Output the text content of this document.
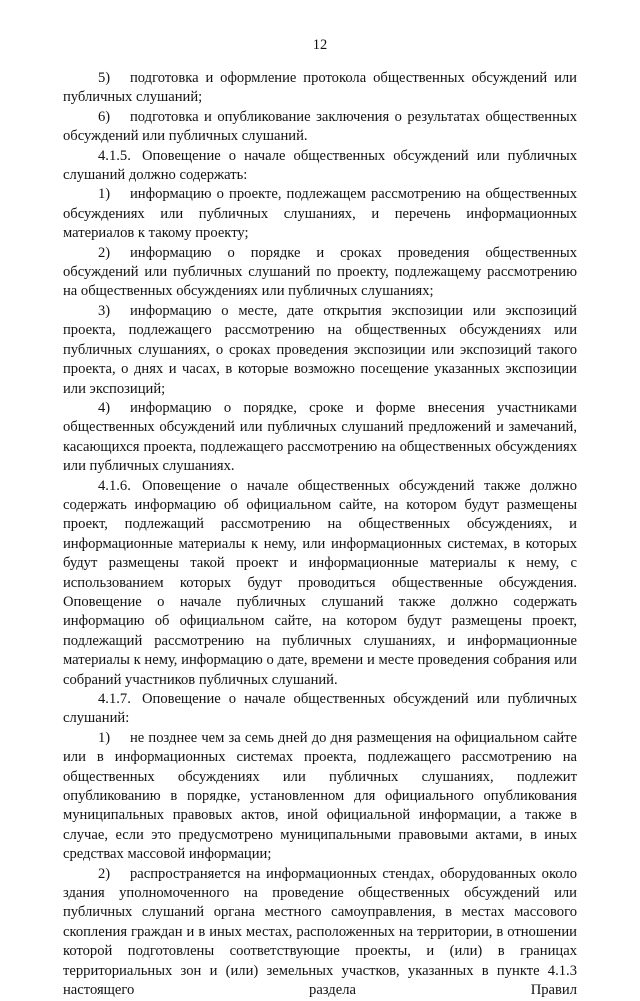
12

5) подготовка и оформление протокола общественных обсуждений или публичных слушаний;

6) подготовка и опубликование заключения о результатах общественных обсуждений или публичных слушаний.

4.1.5. Оповещение о начале общественных обсуждений или публичных слушаний должно содержать:

1) информацию о проекте, подлежащем рассмотрению на общественных обсуждениях или публичных слушаниях, и перечень информационных материалов к такому проекту;

2) информацию о порядке и сроках проведения общественных обсуждений или публичных слушаний по проекту, подлежащему рассмотрению на общественных обсуждениях или публичных слушаниях;

3) информацию о месте, дате открытия экспозиции или экспозиций проекта, подлежащего рассмотрению на общественных обсуждениях или публичных слушаниях, о сроках проведения экспозиции или экспозиций такого проекта, о днях и часах, в которые возможно посещение указанных экспозиции или экспозиций;

4) информацию о порядке, сроке и форме внесения участниками общественных обсуждений или публичных слушаний предложений и замечаний, касающихся проекта, подлежащего рассмотрению на общественных обсуждениях или публичных слушаниях.

4.1.6. Оповещение о начале общественных обсуждений также должно содержать информацию об официальном сайте, на котором будут размещены проект, подлежащий рассмотрению на общественных обсуждениях, и информационные материалы к нему, или информационных системах, в которых будут размещены такой проект и информационные материалы к нему, с использованием которых будут проводиться общественные обсуждения. Оповещение о начале публичных слушаний также должно содержать информацию об официальном сайте, на котором будут размещены проект, подлежащий рассмотрению на публичных слушаниях, и информационные материалы к нему, информацию о дате, времени и месте проведения собрания или собраний участников публичных слушаний.

4.1.7. Оповещение о начале общественных обсуждений или публичных слушаний:

1) не позднее чем за семь дней до дня размещения на официальном сайте или в информационных системах проекта, подлежащего рассмотрению на общественных обсуждениях или публичных слушаниях, подлежит опубликованию в порядке, установленном для официального опубликования муниципальных правовых актов, иной официальной информации, а также в случае, если это предусмотрено муниципальными правовыми актами, в иных средствах массовой информации;

2) распространяется на информационных стендах, оборудованных около здания уполномоченного на проведение общественных обсуждений или публичных слушаний органа местного самоуправления, в местах массового скопления граждан и в иных местах, расположенных на территории, в отношении которой подготовлены соответствующие проекты, и (или) в границах территориальных зон и (или) земельных участков, указанных в пункте 4.1.3 настоящего раздела Правил
